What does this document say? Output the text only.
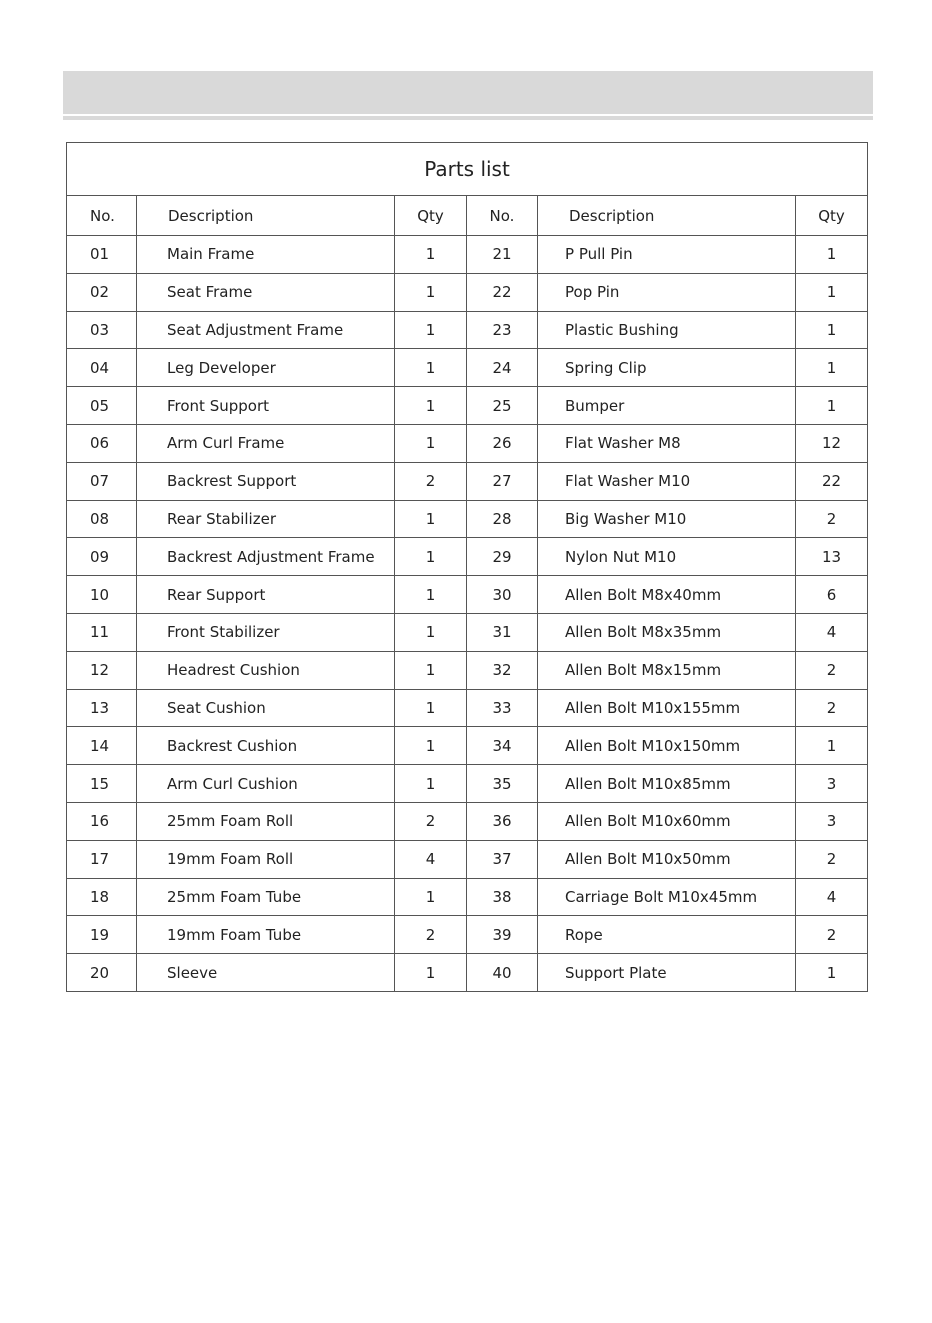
Parts list					
No.	Description	Qty	No.	Description	Qty
01	Main Frame	1	21	P Pull Pin	1
02	Seat Frame	1	22	Pop Pin	1
03	Seat Adjustment Frame	1	23	Plastic Bushing	1
04	Leg Developer	1	24	Spring Clip	1
05	Front Support	1	25	Bumper	1
06	Arm Curl Frame	1	26	Flat Washer M8	12
07	Backrest Support	2	27	Flat Washer M10	22
08	Rear Stabilizer	1	28	Big Washer M10	2
09	Backrest Adjustment Frame	1	29	Nylon Nut M10	13
10	Rear Support	1	30	Allen Bolt M8x40mm	6
11	Front Stabilizer	1	31	Allen Bolt M8x35mm	4
12	Headrest Cushion	1	32	Allen Bolt M8x15mm	2
13	Seat Cushion	1	33	Allen Bolt M10x155mm	2
14	Backrest Cushion	1	34	Allen Bolt M10x150mm	1
15	Arm Curl Cushion	1	35	Allen Bolt M10x85mm	3
16	25mm Foam Roll	2	36	Allen Bolt M10x60mm	3
17	19mm Foam Roll	4	37	Allen Bolt M10x50mm	2
18	25mm Foam Tube	1	38	Carriage Bolt M10x45mm	4
19	19mm Foam Tube	2	39	Rope	2
20	Sleeve	1	40	Support Plate	1
